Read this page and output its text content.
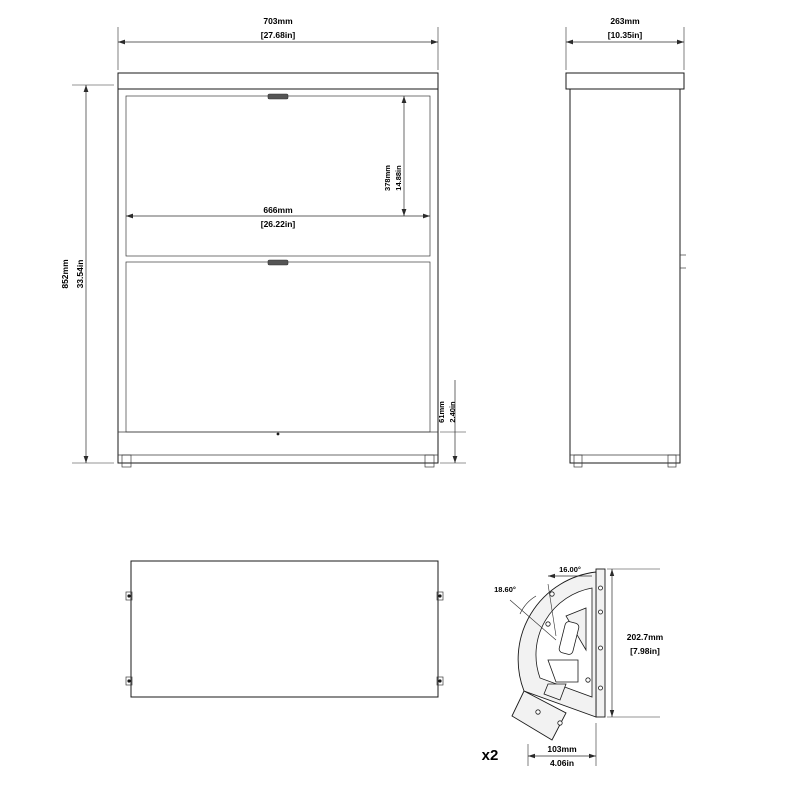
703mm
[27.68in]
852mm 33.54in
666mm
[26.22in]
378mm 14.88in
61mm 2.40in
263mm
[10.35in]
18.60°
16.00°
202.7mm
[7.98in]
103mm
4.06in
x2
